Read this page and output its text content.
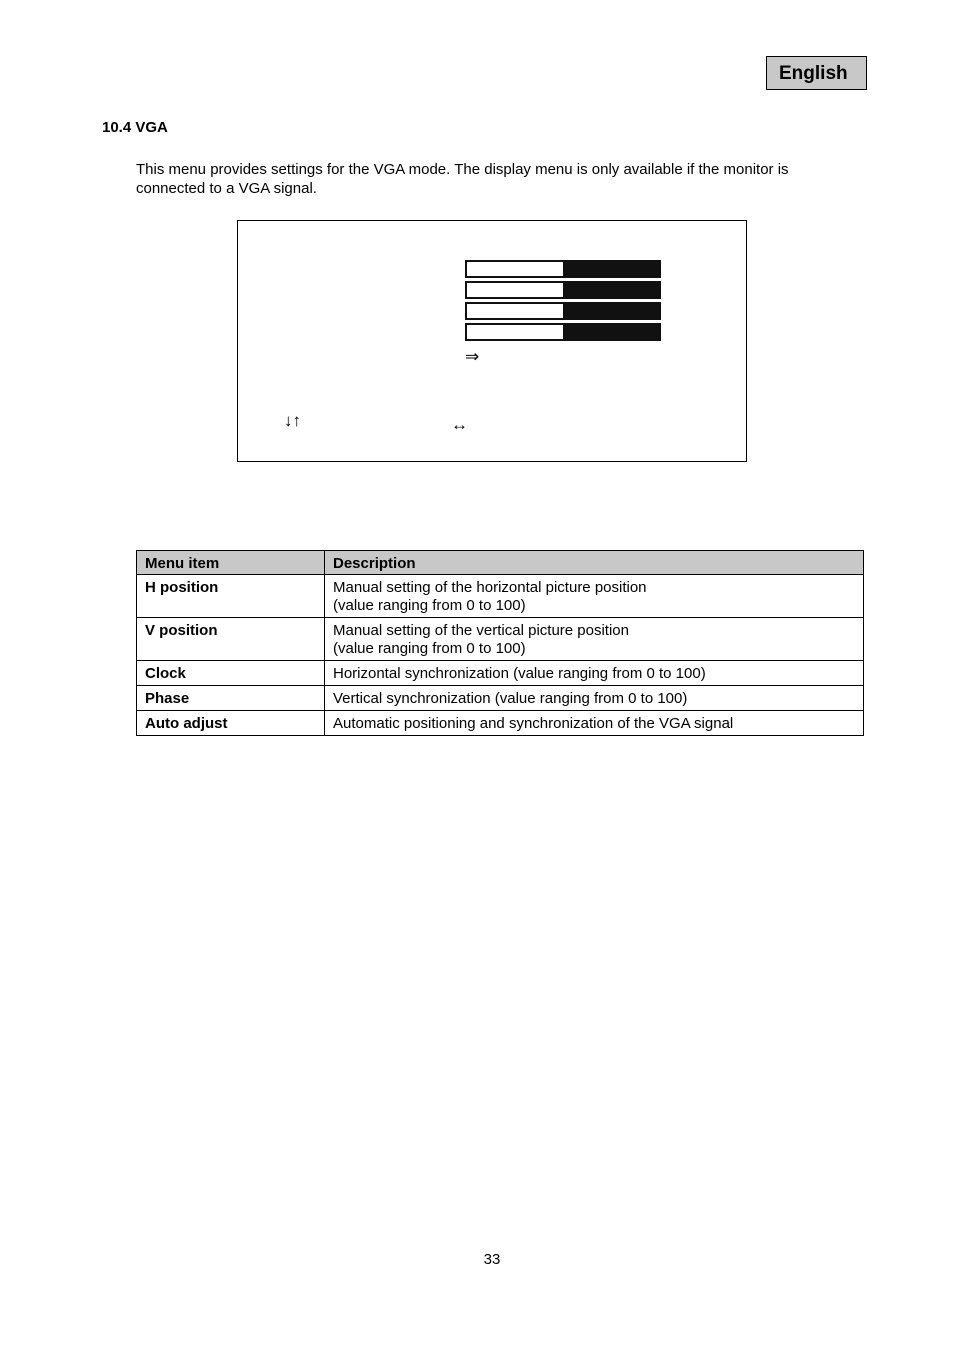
English
10.4 VGA
This menu provides settings for the VGA mode. The display menu is only available if the monitor is connected to a VGA signal.
⇒
↓↑	↔
Menu item	Description
H position	Manual setting of the horizontal picture position
(value ranging from 0 to 100)

V position	Manual setting of the vertical picture position
(value ranging from 0 to 100)

Clock	Horizontal synchronization (value ranging from 0 to 100)
Phase	Vertical synchronization (value ranging from 0 to 100)
Auto adjust	Automatic positioning and synchronization of the VGA signal
33
